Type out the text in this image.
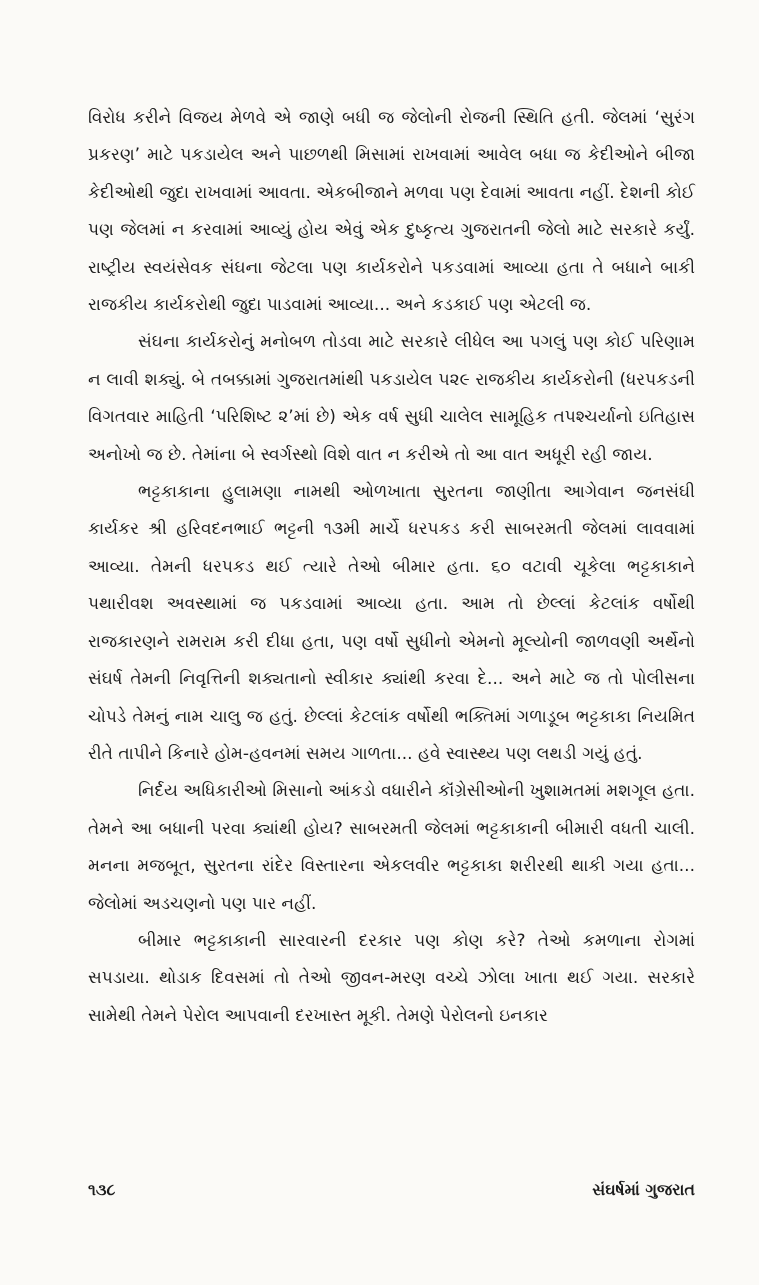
વિરોધ કરીને વિજય મેળવે એ જાણે બધી જ જેલોની રોજની સ્થિતિ હતી. જેલમાં ‘સુરંગ પ્રકરણ’ માટે પકડાયેલ અને પાછળથી મિસામાં રાખવામાં આવેલ બધા જ કેદીઓને બીજા કેદીઓથી જુદા રાખવામાં આવતા. એકબીજાને મળવા પણ દેવામાં આવતા નહીં. દેશની કોઈ પણ જેલમાં ન કરવામાં આવ્યું હોય એવું એક દુષ્કૃત્ય ગુજરાતની જેલો માટે સરકારે કર્યું. રાષ્ટ્રીય સ્વયંસેવક સંઘના જેટલા પણ કાર્યકરોને પકડવામાં આવ્યા હતા તે બધાને બાકી રાજકીય કાર્યકરોથી જુદા પાડવામાં આવ્યા... અને કડકાઈ પણ એટલી જ.

સંઘના કાર્યકરોનું મનોબળ તોડવા માટે સરકારે લીધેલ આ પગલું પણ કોઈ પરિણામ ન લાવી શક્યું. બે તબક્કામાં ગુજરાતમાંથી પકડાયેલ ૫૨૯ રાજકીય કાર્યકરોની (ધરપકડની વિગતવાર માહિતી ‘પરિશિષ્ટ ૨’માં છે) એક વર્ષ સુધી ચાલેલ સામૂહિક તપશ્ચર્યાનો ઇતિહાસ અનોખો જ છે. તેમાંના બે સ્વર્ગસ્થો વિશે વાત ન કરીએ તો આ વાત અધૂરી રહી જાય.

ભટ્ટકાકાના હુલામણા નામથી ઓળખાતા સુરતના જાણીતા આગેવાન જનસંઘી કાર્યકર શ્રી હરિવદનભાઈ ભટ્ટની ૧૩મી માર્ચે ધરપકડ કરી સાબરમતી જેલમાં લાવવામાં આવ્યા. તેમની ધરપકડ થઈ ત્યારે તેઓ બીમાર હતા. ૬૦ વટાવી ચૂકેલા ભટ્ટકાકાને પથારીવશ અવસ્થામાં જ પકડવામાં આવ્યા હતા. આમ તો છેલ્લાં કેટલાંક વર્ષોથી રાજકારણને રામરામ કરી દીધા હતા, પણ વર્ષો સુધીનો એમનો મૂલ્યોની જાળવણી અર્થેનો સંઘર્ષ તેમની નિવૃત્તિની શક્યતાનો સ્વીકાર ક્યાંથી કરવા દે... અને માટે જ તો પોલીસના ચોપડે તેમનું નામ ચાલુ જ હતું. છેલ્લાં કેટલાંક વર્ષોથી ભક્તિમાં ગળાડૂબ ભટ્ટકાકા નિયમિત રીતે તાપીને કિનારે હોમ-હવનમાં સમય ગાળતા... હવે સ્વાસ્થ્ય પણ લથડી ગયું હતું.

નિર્દય અધિકારીઓ મિસાનો આંકડો વધારીને કૉંગ્રેસીઓની ખુશામતમાં મશગૂલ હતા. તેમને આ બધાની પરવા ક્યાંથી હોય? સાબરમતી જેલમાં ભટ્ટકાકાની બીમારી વધતી ચાલી. મનના મજબૂત, સુરતના રાંદેર વિસ્તારના એકલવીર ભટ્ટકાકા શરીરથી થાકી ગયા હતા... જેલોમાં અડચણનો પણ પાર નહીં.

બીમાર ભટ્ટકાકાની સારવારની દરકાર પણ કોણ કરે? તેઓ કમળાના રોગમાં સપડાયા. થોડાક દિવસમાં તો તેઓ જીવન-મરણ વચ્ચે ઝોલા ખાતા થઈ ગયા. સરકારે સામેથી તેમને પેરોલ આપવાની દરખાસ્ત મૂકી. તેમણે પેરોલનો ઇનકાર

૧૩૮	સંઘર્ષમાં ગુજરાત
